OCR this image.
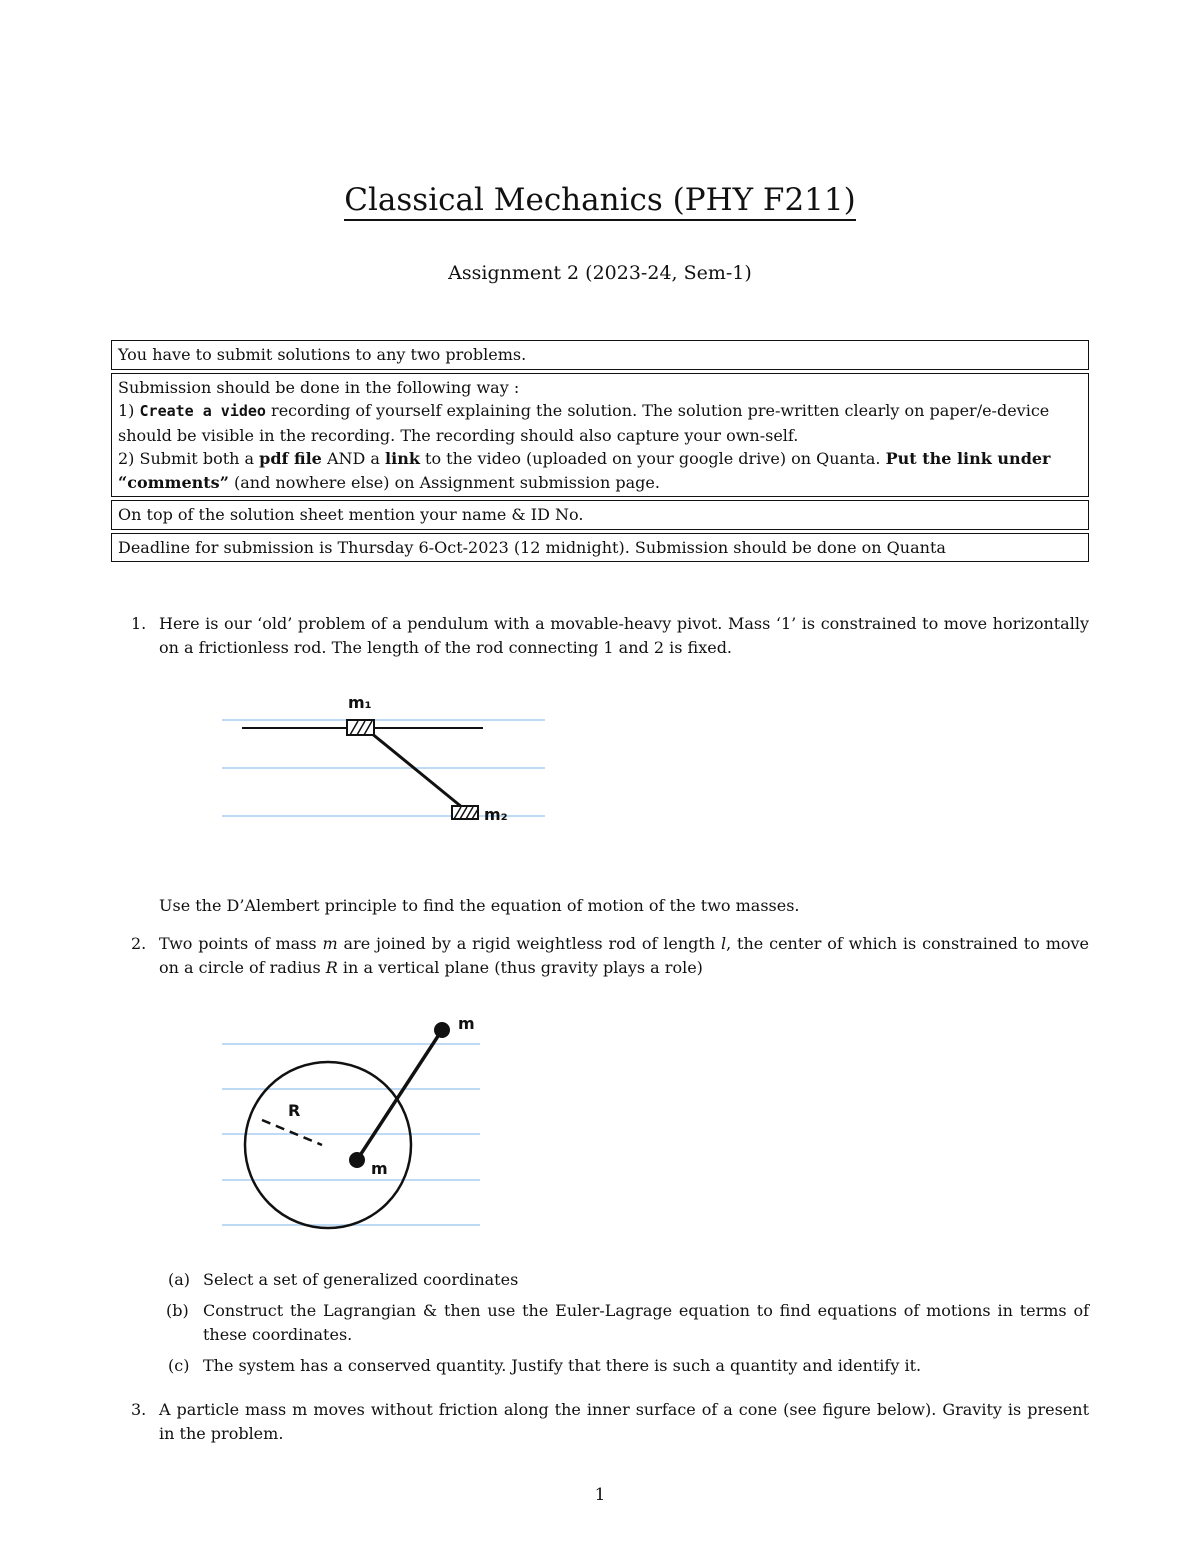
Classical Mechanics (PHY F211)
Assignment 2 (2023-24, Sem-1)

You have to submit solutions to any two problems.

Submission should be done in the following way :

1) Create a video recording of yourself explaining the solution. The solution pre-written clearly on paper/e-device should be visible in the recording. The recording should also capture your own-self.

2) Submit both a pdf file AND a link to the video (uploaded on your google drive) on Quanta. Put the link under “comments” (and nowhere else) on Assignment submission page.

On top of the solution sheet mention your name & ID No.

Deadline for submission is Thursday 6-Oct-2023 (12 midnight). Submission should be done on Quanta

1. Here is our ‘old’ problem of a pendulum with a movable-heavy pivot. Mass ‘1’ is constrained to move horizontally on a frictionless rod. The length of the rod connecting 1 and 2 is fixed.
m₁
m₂
Use the D’Alembert principle to find the equation of motion of the two masses.
2. Two points of mass m are joined by a rigid weightless rod of length l, the center of which is constrained to move on a circle of radius R in a vertical plane (thus gravity plays a role)
R
m
m
(a) Select a set of generalized coordinates
(b) Construct the Lagrangian & then use the Euler-Lagrage equation to find equations of motions in terms of these coordinates.
(c) The system has a conserved quantity. Justify that there is such a quantity and identify it.
3. A particle mass m moves without friction along the inner surface of a cone (see figure below). Gravity is present in the problem.
1
